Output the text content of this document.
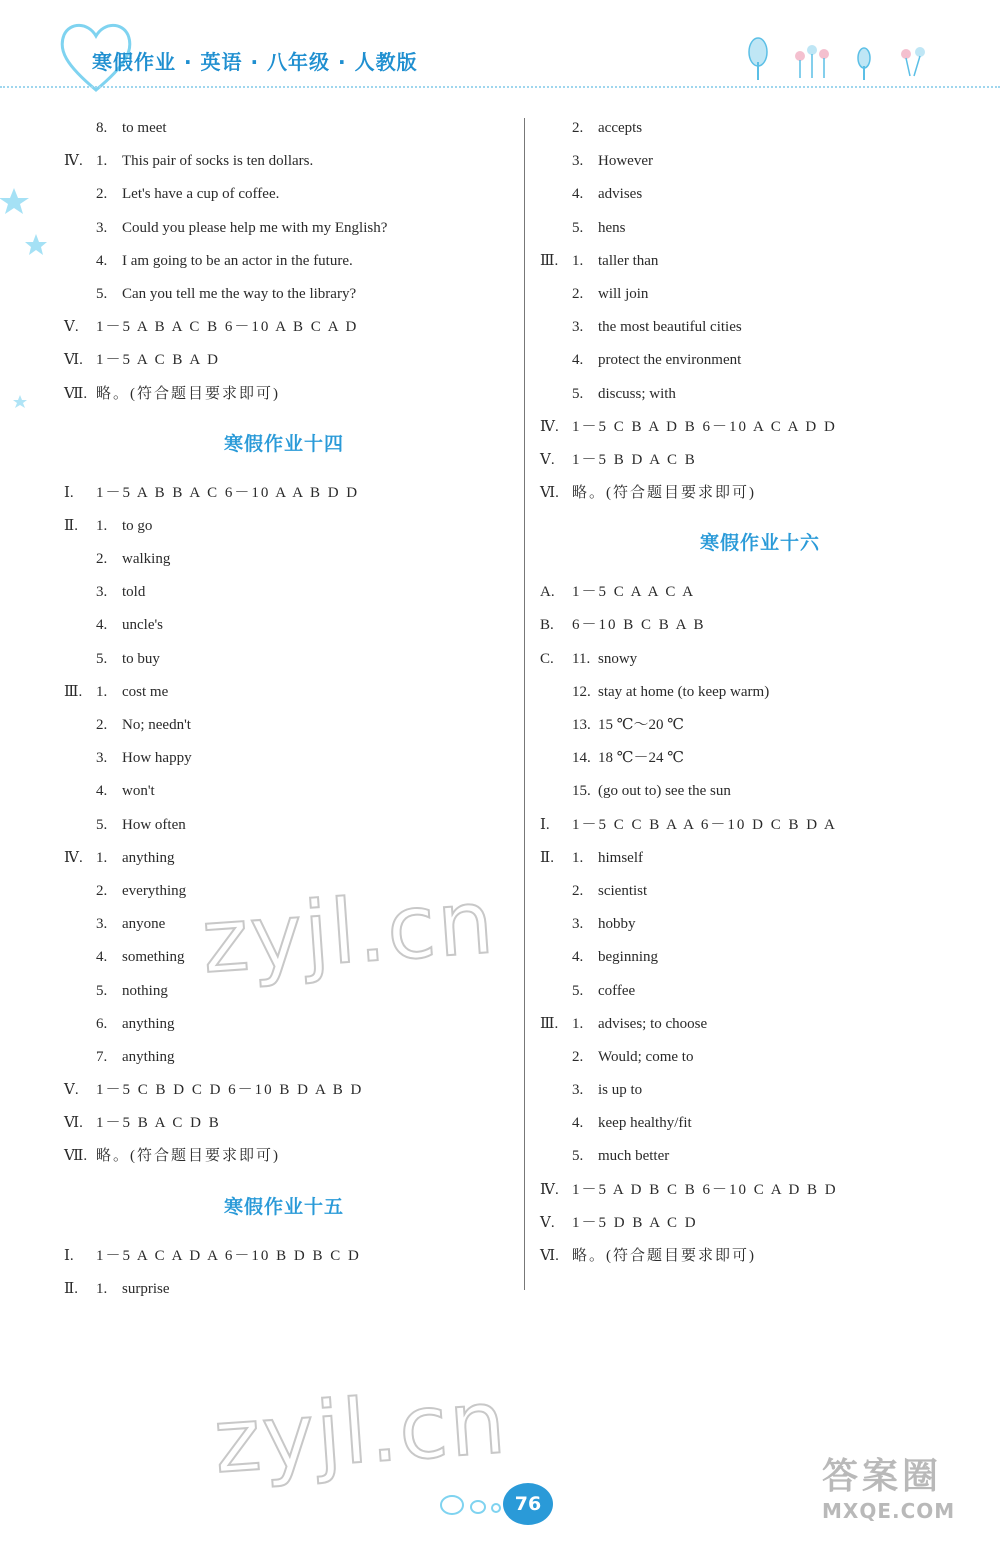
寒假作业 · 英语 · 八年级 · 人教版
8. to meet
Ⅳ. 1. This pair of socks is ten dollars.
2. Let's have a cup of coffee.
3. Could you please help me with my English?
4. I am going to be an actor in the future.
5. Can you tell me the way to the library?
Ⅴ. 1－5 A B A C B 6－10 A B C A D
Ⅵ. 1－5 A C B A D
Ⅶ. 略。(符合题目要求即可)
寒假作业十四
Ⅰ. 1－5 A B B A C 6－10 A A B D D
Ⅱ. 1. to go
2. walking
3. told
4. uncle's
5. to buy
Ⅲ. 1. cost me
2. No; needn't
3. How happy
4. won't
5. How often
Ⅳ. 1. anything
2. everything
3. anyone
4. something
5. nothing
6. anything
7. anything
Ⅴ. 1－5 C B D C D 6－10 B D A B D
Ⅵ. 1－5 B A C D B
Ⅶ. 略。(符合题目要求即可)
寒假作业十五
Ⅰ. 1－5 A C A D A 6－10 B D B C D
Ⅱ. 1. surprise
2. accepts
3. However
4. advises
5. hens
Ⅲ. 1. taller than
2. will join
3. the most beautiful cities
4. protect the environment
5. discuss; with
Ⅳ. 1－5 C B A D B 6－10 A C A D D
Ⅴ. 1－5 B D A C B
Ⅵ. 略。(符合题目要求即可)
寒假作业十六
A. 1－5 C A A C A
B. 6－10 B C B A B
C. 11. snowy
12. stay at home (to keep warm)
13. 15 ℃～20 ℃
14. 18 ℃－24 ℃
15. (go out to) see the sun
Ⅰ. 1－5 C C B A A 6－10 D C B D A
Ⅱ. 1. himself
2. scientist
3. hobby
4. beginning
5. coffee
Ⅲ. 1. advises; to choose
2. Would; come to
3. is up to
4. keep healthy/fit
5. much better
Ⅳ. 1－5 A D B C B 6－10 C A D B D
Ⅴ. 1－5 D B A C D
Ⅵ. 略。(符合题目要求即可)
zyjl.cn
zyjl.cn
76
答案圈
MXQE.COM
